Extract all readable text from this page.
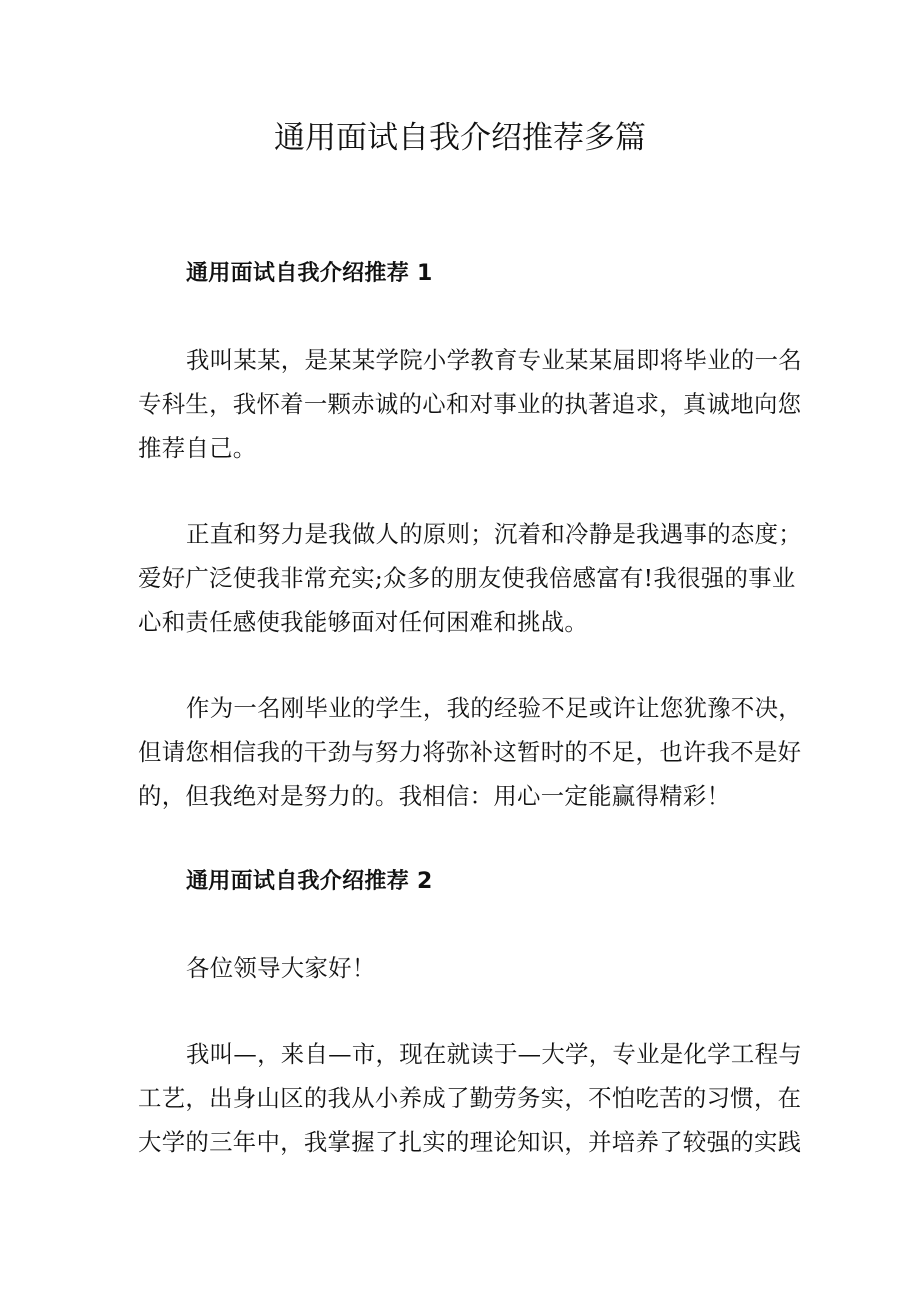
通用面试自我介绍推荐多篇
通用面试自我介绍推荐 1

我叫某某，是某某学院小学教育专业某某届即将毕业的一名
专科生，我怀着一颗赤诚的心和对事业的执著追求，真诚地向您
推荐自己。

正直和努力是我做人的原则；沉着和冷静是我遇事的态度；
爱好广泛使我非常充实;众多的朋友使我倍感富有!我很强的事业
心和责任感使我能够面对任何困难和挑战。

作为一名刚毕业的学生，我的经验不足或许让您犹豫不决，
但请您相信我的干劲与努力将弥补这暂时的不足，也许我不是好
的，但我绝对是努力的。我相信：用心一定能赢得精彩！

通用面试自我介绍推荐 2

各位领导大家好！

我叫—，来自—市，现在就读于—大学，专业是化学工程与
工艺，出身山区的我从小养成了勤劳务实，不怕吃苦的习惯，在
大学的三年中，我掌握了扎实的理论知识，并培养了较强的实践
